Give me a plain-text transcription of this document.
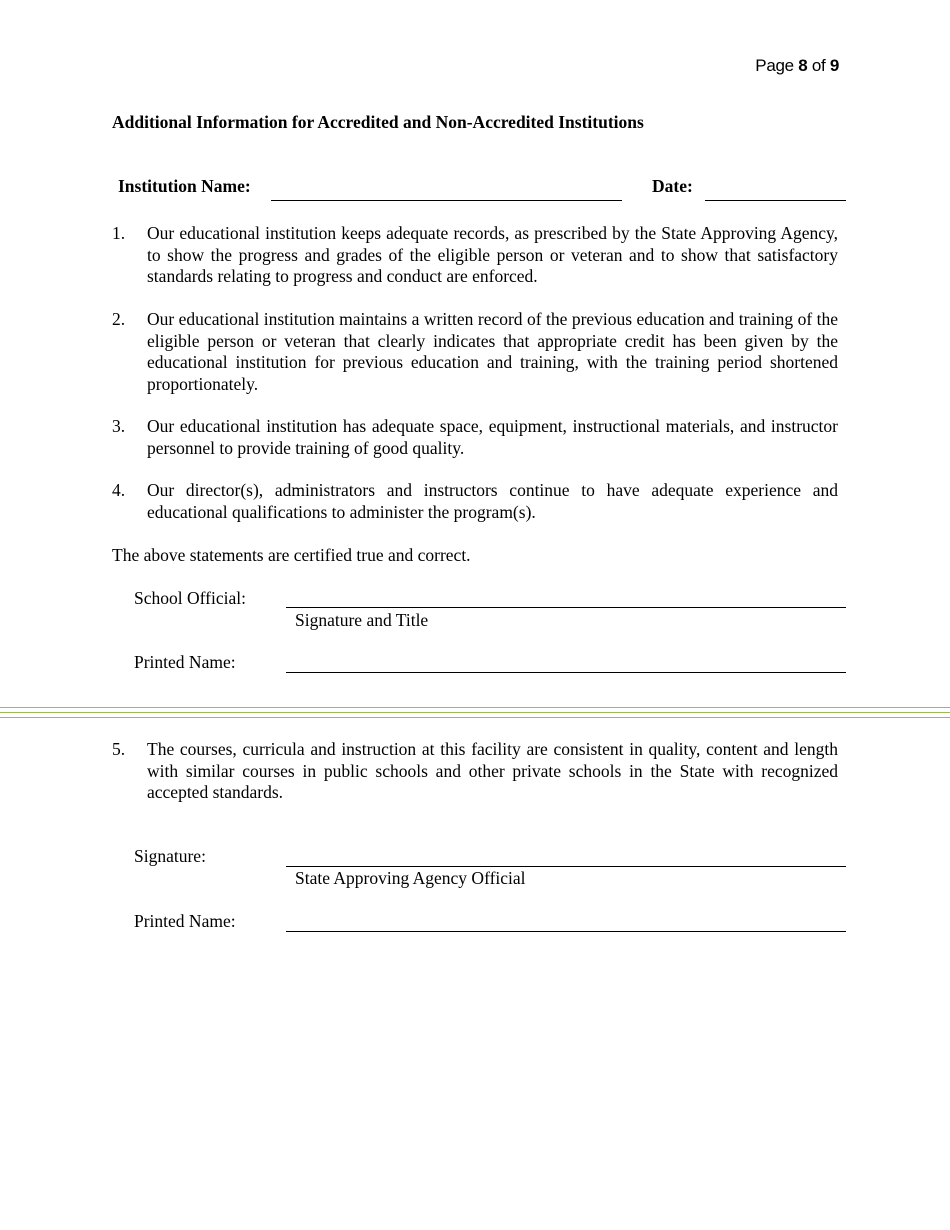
Page 8 of 9
Additional Information for Accredited and Non-Accredited Institutions
Institution Name:	Date:
1. Our educational institution keeps adequate records, as prescribed by the State Approving Agency, to show the progress and grades of the eligible person or veteran and to show that satisfactory standards relating to progress and conduct are enforced.
2. Our educational institution maintains a written record of the previous education and training of the eligible person or veteran that clearly indicates that appropriate credit has been given by the educational institution for previous education and training, with the training period shortened proportionately.
3. Our educational institution has adequate space, equipment, instructional materials, and instructor personnel to provide training of good quality.
4. Our director(s), administrators and instructors continue to have adequate experience and educational qualifications to administer the program(s).
The above statements are certified true and correct.
School Official:
Signature and Title
Printed Name:
5. The courses, curricula and instruction at this facility are consistent in quality, content and length with similar courses in public schools and other private schools in the State with recognized accepted standards.
Signature:
State Approving Agency Official
Printed Name:
